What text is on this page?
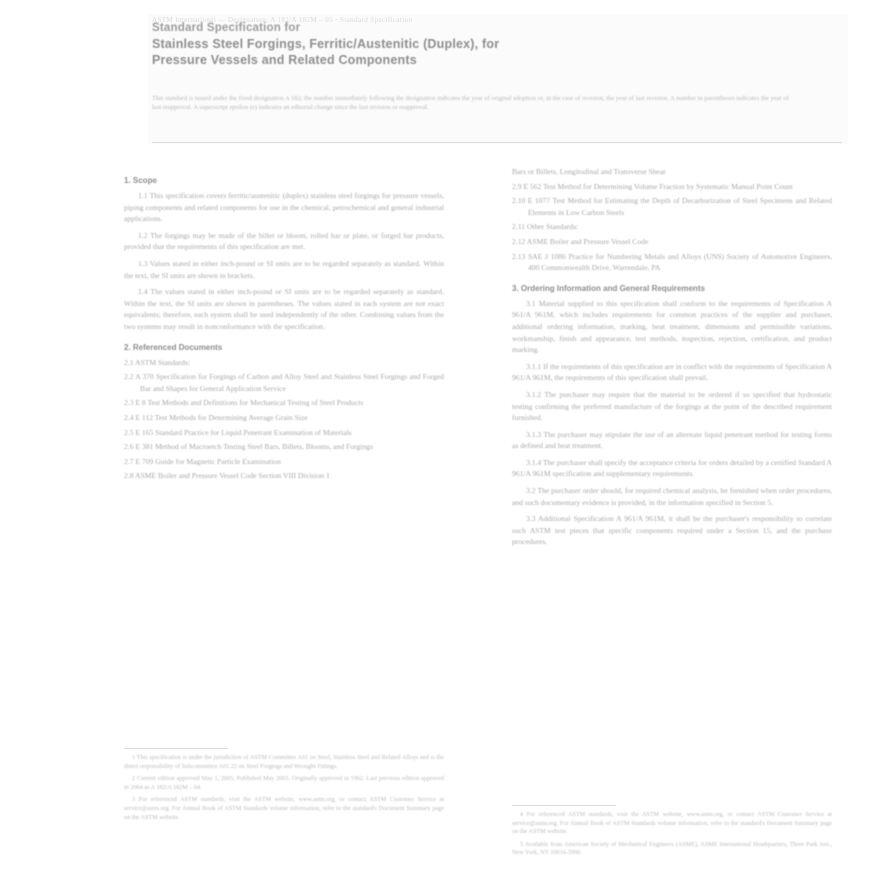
ASTM International — Designation: A 182/A 182M – 05 · Standard Specification
Standard Specification for
Stainless Steel Forgings, Ferritic/Austenitic (Duplex), for
Pressure Vessels and Related Components
This standard is issued under the fixed designation A 182; the number immediately following the designation indicates the year of original adoption or, in the case of revision, the year of last revision. A number in parentheses indicates the year of last reapproval. A superscript epsilon (e) indicates an editorial change since the last revision or reapproval.
1. Scope

1.1 This specification covers ferritic/austenitic (duplex) stainless steel forgings for pressure vessels, piping components and related components for use in the chemical, petrochemical and general industrial applications.

1.2 The forgings may be made of the billet or bloom, rolled bar or plate, or forged bar products, provided that the requirements of this specification are met.

1.3 Values stated in either inch-pound or SI units are to be regarded separately as standard. Within the text, the SI units are shown in brackets.

1.4 The values stated in either inch-pound or SI units are to be regarded separately as standard. Within the text, the SI units are shown in parentheses. The values stated in each system are not exact equivalents; therefore, each system shall be used independently of the other. Combining values from the two systems may result in nonconformance with the specification.

2. Referenced Documents

2.1 ASTM Standards:

2.2 A 370 Specification for Forgings of Carbon and Alloy Steel and Stainless Steel Forgings and Forged Bar and Shapes for General Application Service

2.3 E 8 Test Methods and Definitions for Mechanical Testing of Steel Products

2.4 E 112 Test Methods for Determining Average Grain Size

2.5 E 165 Standard Practice for Liquid Penetrant Examination of Materials

2.6 E 381 Method of Macroetch Testing Steel Bars, Billets, Blooms, and Forgings

2.7 E 709 Guide for Magnetic Particle Examination

2.8 ASME Boiler and Pressure Vessel Code Section VIII Division 1

1 This specification is under the jurisdiction of ASTM Committee A01 on Steel, Stainless Steel and Related Alloys and is the direct responsibility of Subcommittee A01.22 on Steel Forgings and Wrought Fittings.

2 Current edition approved May 1, 2005. Published May 2005. Originally approved in 1962. Last previous edition approved in 2004 as A 182/A 182M – 04.

3 For referenced ASTM standards, visit the ASTM website, www.astm.org, or contact ASTM Customer Service at service@astm.org. For Annual Book of ASTM Standards volume information, refer to the standard's Document Summary page on the ASTM website.

Bars or Billets, Longitudinal and Transverse Shear

2.9 E 562 Test Method for Determining Volume Fraction by Systematic Manual Point Count

2.10 E 1077 Test Method for Estimating the Depth of Decarburization of Steel Specimens and Related Elements in Low Carbon Steels

2.11 Other Standards:

2.12 ASME Boiler and Pressure Vessel Code

2.13 SAE J 1086 Practice for Numbering Metals and Alloys (UNS) Society of Automotive Engineers, 400 Commonwealth Drive, Warrendale, PA

3. Ordering Information and General Requirements

3.1 Material supplied to this specification shall conform to the requirements of Specification A 961/A 961M, which includes requirements for common practices of the supplier and purchaser, additional ordering information, marking, heat treatment, dimensions and permissible variations, workmanship, finish and appearance, test methods, inspection, rejection, certification, and product marking.

3.1.1 If the requirements of this specification are in conflict with the requirements of Specification A 961/A 961M, the requirements of this specification shall prevail.

3.1.2 The purchaser may require that the material to be ordered if so specified that hydrostatic testing confirming the preferred manufacture of the forgings at the point of the described requirement furnished.

3.1.3 The purchaser may stipulate the use of an alternate liquid penetrant method for testing forms as defined and heat treatment.

3.1.4 The purchaser shall specify the acceptance criteria for orders detailed by a certified Standard A 961/A 961M specification and supplementary requirements.

3.2 The purchaser order should, for required chemical analysis, be furnished when order procedures, and such documentary evidence is provided, in the information specified in Section 5.

3.3 Additional Specification A 961/A 961M, it shall be the purchaser's responsibility to correlate such ASTM test pieces that specific components required under a Section 15, and the purchase procedures.

4 For referenced ASTM standards, visit the ASTM website, www.astm.org, or contact ASTM Customer Service at service@astm.org. For Annual Book of ASTM Standards volume information, refer to the standard's Document Summary page on the ASTM website.

5 Available from American Society of Mechanical Engineers (ASME), ASME International Headquarters, Three Park Ave., New York, NY 10016-5990.
